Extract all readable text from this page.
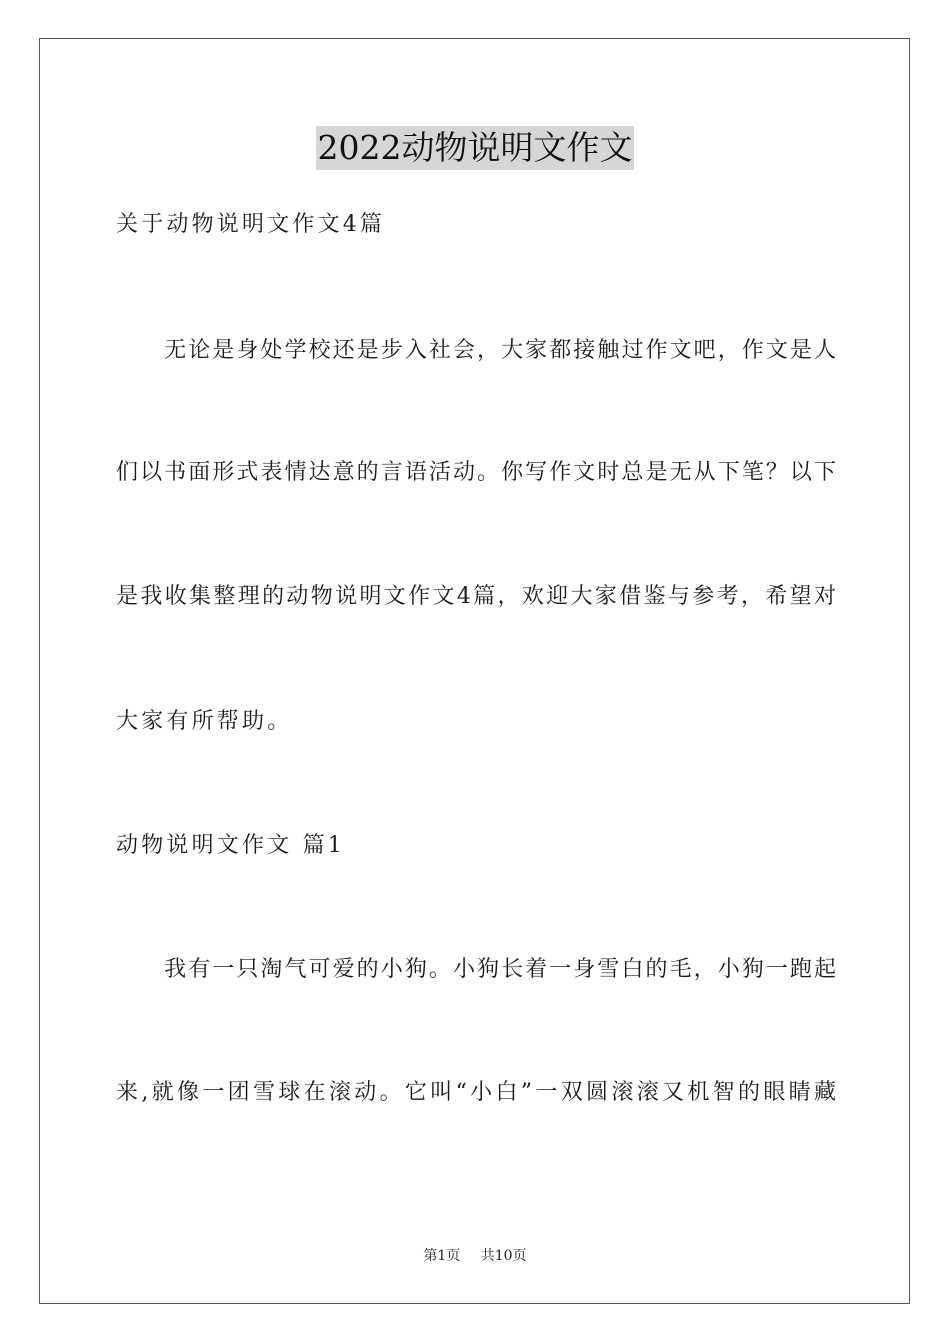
2022动物说明文作文
关于动物说明文作文4篇
　　无论是身处学校还是步入社会，大家都接触过作文吧，作文是人
们以书面形式表情达意的言语活动。你写作文时总是无从下笔？以下
是我收集整理的动物说明文作文4篇，欢迎大家借鉴与参考，希望对
大家有所帮助。
动物说明文作文 篇1
　　我有一只淘气可爱的小狗。小狗长着一身雪白的毛，小狗一跑起
来,就像一团雪球在滚动。它叫“小白”一双圆滚滚又机智的眼睛藏
第1页 共10页
